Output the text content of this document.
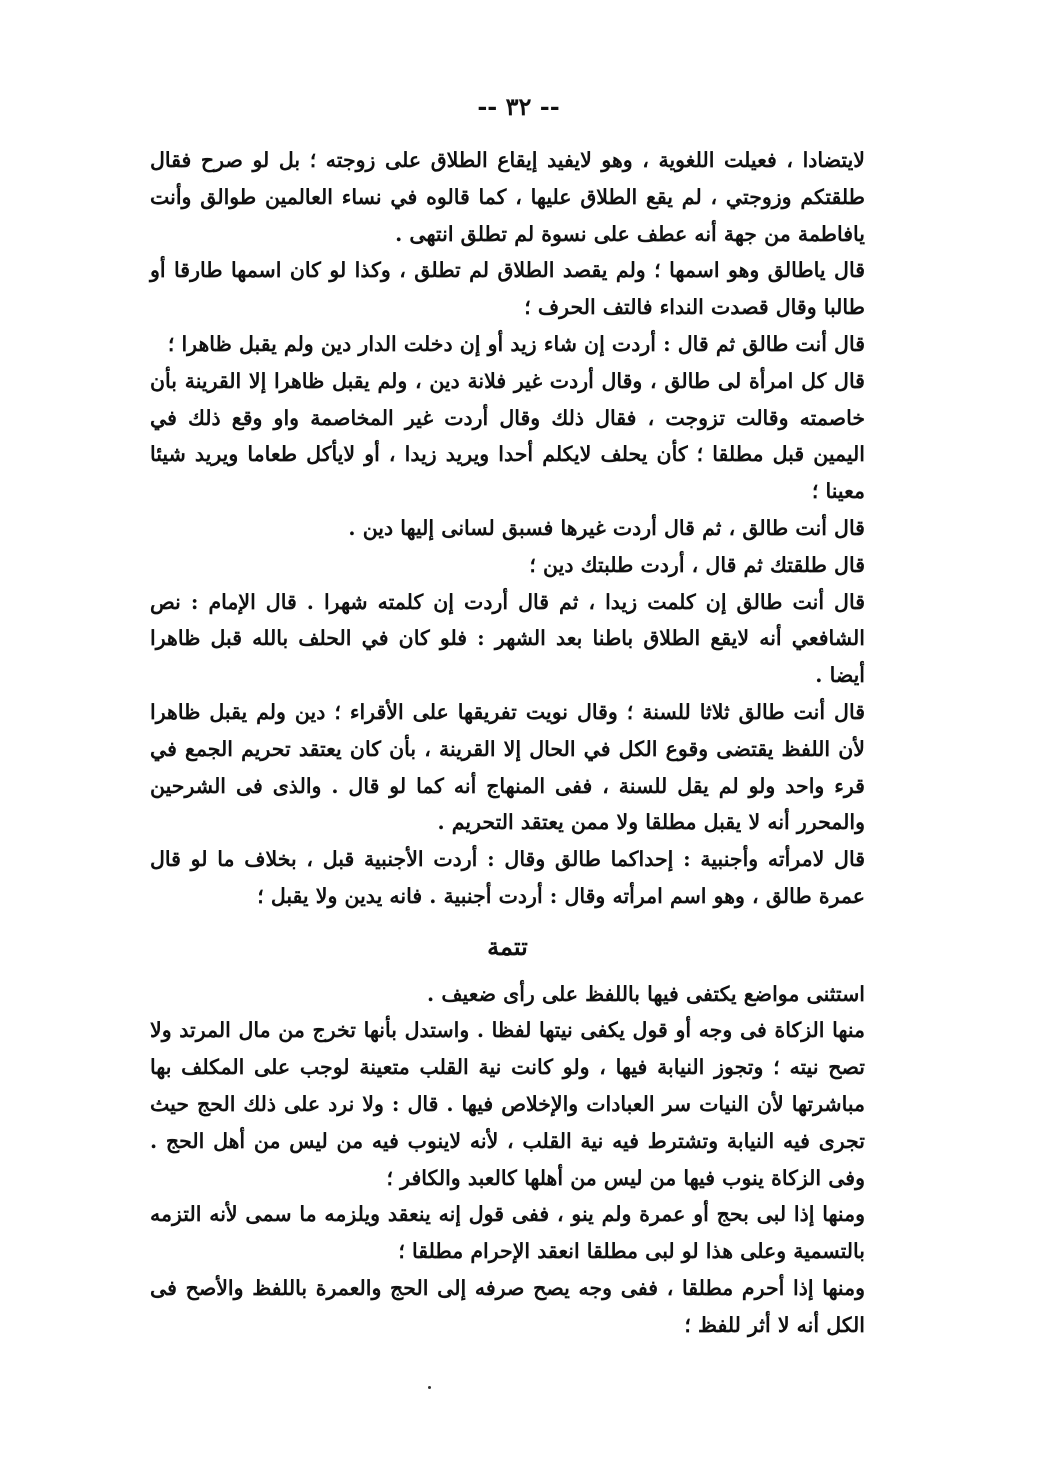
-- ٣٢ --

لايتضادا ، فعيلت اللغوية ، وهو لايفيد إيقاع الطلاق على زوجته ؛ بل لو صرح فقال طلقتكم وزوجتي ، لم يقع الطلاق عليها ، كما قالوه في نساء العالمين طوالق وأنت يافاطمة من جهة أنه عطف على نسوة لم تطلق انتهى .

قال ياطالق وهو اسمها ؛ ولم يقصد الطلاق لم تطلق ، وكذا لو كان اسمها طارقا أو طالبا وقال قصدت النداء فالتف الحرف ؛

قال أنت طالق ثم قال : أردت إن شاء زيد أو إن دخلت الدار دين ولم يقبل ظاهرا ؛

قال كل امرأة لى طالق ، وقال أردت غير فلانة دين ، ولم يقبل ظاهرا إلا القرينة بأن خاصمته وقالت تزوجت ، فقال ذلك وقال أردت غير المخاصمة واو وقع ذلك في اليمين قبل مطلقا ؛ كأن يحلف لايكلم أحدا ويريد زيدا ، أو لايأكل طعاما ويريد شيئا معينا ؛

قال أنت طالق ، ثم قال أردت غيرها فسبق لسانى إليها دين .

قال طلقتك ثم قال ، أردت طلبتك دين ؛

قال أنت طالق إن كلمت زيدا ، ثم قال أردت إن كلمته شهرا . قال الإمام : نص الشافعي أنه لايقع الطلاق باطنا بعد الشهر : فلو كان في الحلف بالله قبل ظاهرا أيضا .

قال أنت طالق ثلاثا للسنة ؛ وقال نويت تفريقها على الأقراء ؛ دين ولم يقبل ظاهرا لأن اللفظ يقتضى وقوع الكل في الحال إلا القرينة ، بأن كان يعتقد تحريم الجمع في قرء واحد ولو لم يقل للسنة ، ففى المنهاج أنه كما لو قال . والذى فى الشرحين والمحرر أنه لا يقبل مطلقا ولا ممن يعتقد التحريم .

قال لامرأته وأجنبية : إحداكما طالق وقال : أردت الأجنبية قبل ، بخلاف ما لو قال عمرة طالق ، وهو اسم امرأته وقال : أردت أجنبية . فانه يدين ولا يقبل ؛

تتمة

استثنى مواضع يكتفى فيها باللفظ على رأى ضعيف .

منها الزكاة فى وجه أو قول يكفى نيتها لفظا . واستدل بأنها تخرج من مال المرتد ولا تصح نيته ؛ وتجوز النيابة فيها ، ولو كانت نية القلب متعينة لوجب على المكلف بها مباشرتها لأن النيات سر العبادات والإخلاص فيها . قال : ولا نرد على ذلك الحج حيث تجرى فيه النيابة وتشترط فيه نية القلب ، لأنه لاينوب فيه من ليس من أهل الحج . وفى الزكاة ينوب فيها من ليس من أهلها كالعبد والكافر ؛

ومنها إذا لبى بحج أو عمرة ولم ينو ، ففى قول إنه ينعقد ويلزمه ما سمى لأنه التزمه بالتسمية وعلى هذا لو لبى مطلقا انعقد الإحرام مطلقا ؛

ومنها إذا أحرم مطلقا ، ففى وجه يصح صرفه إلى الحج والعمرة باللفظ والأصح فى الكل أنه لا أثر للفظ ؛
